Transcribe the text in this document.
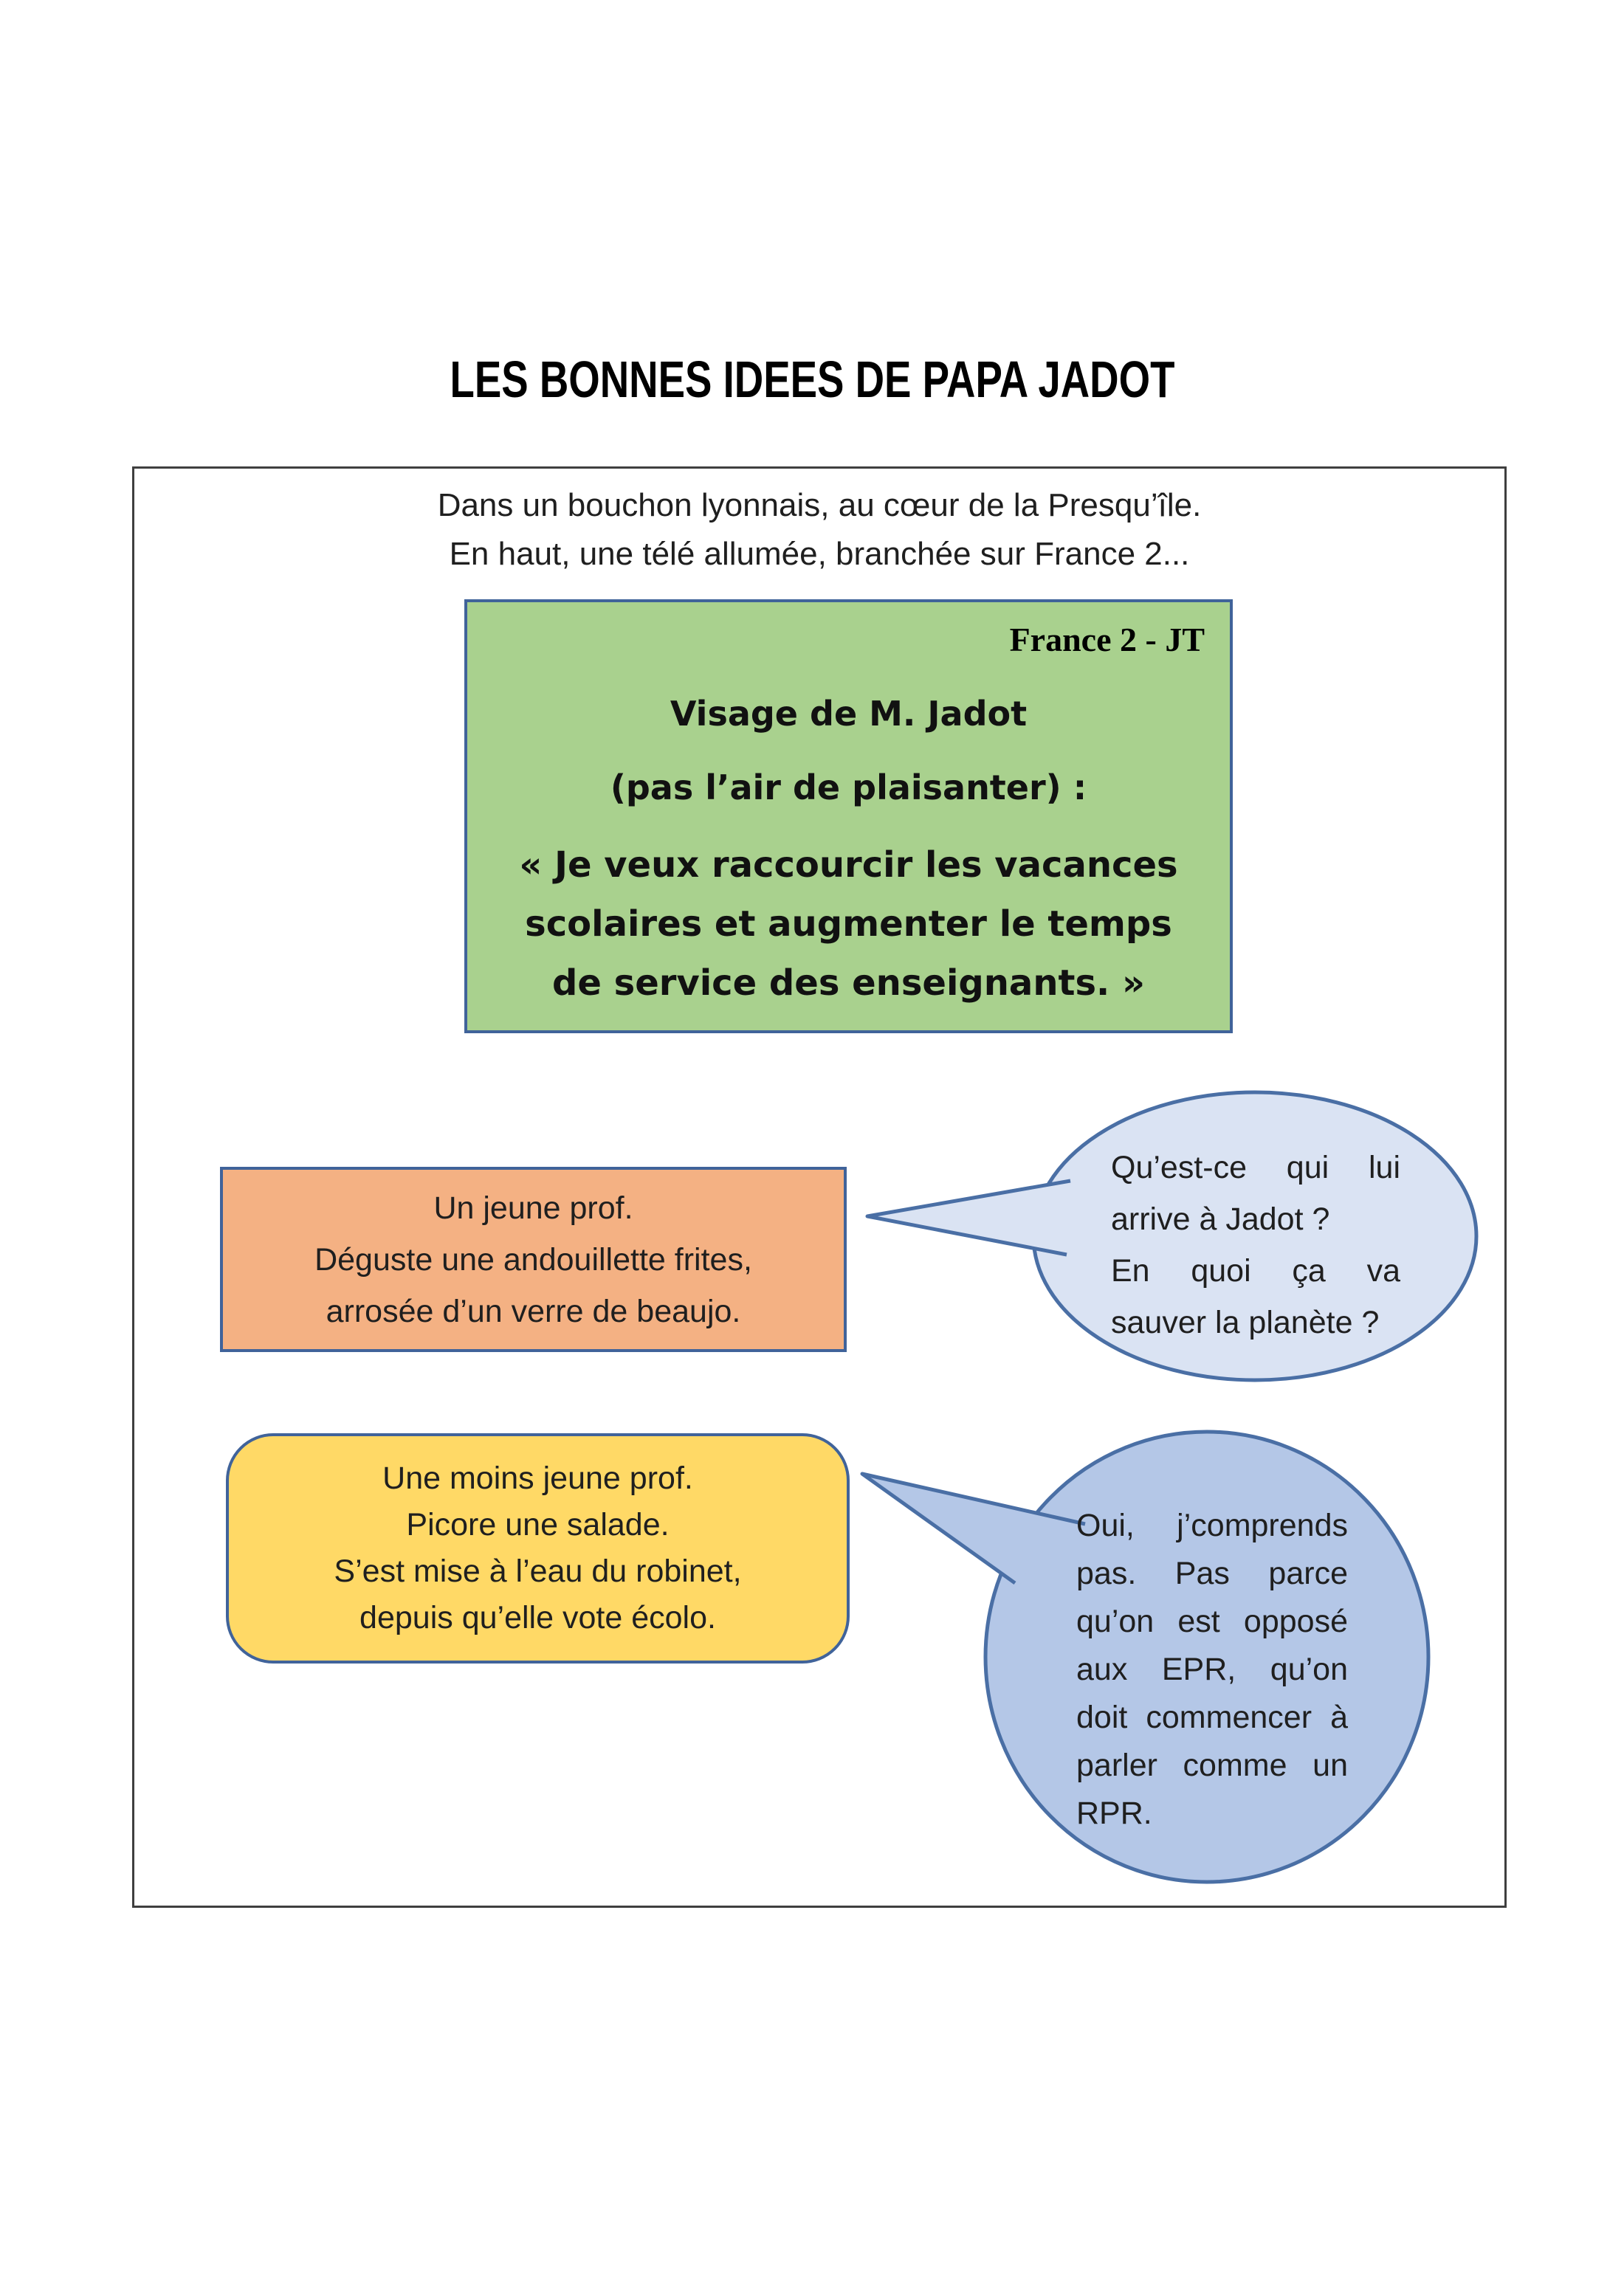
LES BONNES IDEES DE PAPA JADOT
Dans un bouchon lyonnais, au cœur de la Presqu’île.
En haut, une télé allumée, branchée sur France 2...
France 2 - JT
Visage de M. Jadot
(pas l’air de plaisanter) :
« Je veux raccourcir les vacances
scolaires et augmenter le temps
de service des enseignants. »
Un jeune prof.
Déguste une andouillette frites,
arrosée d’un verre de beaujo.
Qu’est-ce qui lui
arrive à Jadot ?
En quoi ça va
sauver la planète ?
Une moins jeune prof.
Picore une salade.
S’est mise à l’eau du robinet,
depuis qu’elle vote écolo.
Oui, j’comprends
pas. Pas parce
qu’on est opposé
aux EPR, qu’on
doit commencer à
parler comme un
RPR.
